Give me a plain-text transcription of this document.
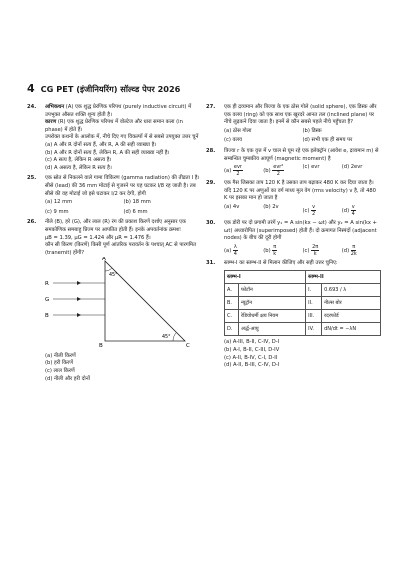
4 CG PET (इंजीनियरिंग) सॉल्व्ड पेपर 2026
24.	अभिकथन (A) एक शुद्ध प्रेरणिक परिपथ (purely inductive circuit) में उपभुक्त औसत शक्ति शून्य होती है।
कारण (R) एक शुद्ध प्रेरणिक परिपथ में वोल्टेज और धारा समान कला (in phase) में होते हैं।
उपरोक्त कथनों के आलोक में, नीचे दिए गए विकल्पों में से सबसे उपयुक्त उत्तर चुनें
(a) A और R दोनों सत्य हैं, और R, A की सही व्याख्या है।
(b) A और R दोनों सत्य हैं, लेकिन R, A की सही व्याख्या नहीं है।
(c) A सत्य है, लेकिन R असत्य है।
(d) A असत्य है, लेकिन R सत्य है।
25.	एक स्रोत से निकलने वाले गामा विकिरण (gamma radiation) की तीव्रता I है। सीसे (lead) की 36 mm मोटाई से गुजरने पर यह घटकर I/8 रह जाती है। तब सीसे की वह मोटाई जो इसे घटाकर I/2 कर देगी, होगी
(a) 12 mm	(b) 18 mm
(c) 9 mm	(d) 6 mm
26.	नीले (B), हरे (G), और लाल (R) रंग की प्रकाश किरणें दर्शाए अनुसार एक समकोणिक समबाहु प्रिज्म पर आपतित होती हैं। इनके अपवर्तनांक क्रमशः
μB = 1.39, μG = 1.424 और μR = 1.476 हैं।
कौन सी किरण (किरणें) किसी पूर्ण आंतरिक परावर्तन के पश्चात् AC से पारगमित (tranemit) होंगी?
A
B	C
R
G
B
45°
45°
(a) नीली किरणें
(b) हरी किरणें
(c) लाल किरणें
(d) नीली और हरी दोनों
27.	एक ही द्रव्यमान और त्रिज्या के एक ठोस गोले (solid sphere), एक डिस्क और एक वलय (ring) को एक साथ एक खुरदरे आनत तल (inclined plane) पर नीचे लुढ़कने दिया जाता है। इनमें से कौन सबसे पहले नीचे पहुँचता है?
(a) ठोस गोला	(b) डिस्क
(c) वलय	(d) सभी एक ही समय पर
28.	त्रिज्या r के एक वृत्त में v चाल से घूम रहे एक इलेक्ट्रॉन (आवेश e, द्रव्यमान m) से सम्बन्धित चुम्बकीय आघूर्ण (magnetic moment) है
$(a) \frac{\text{evr}}{2}$	$(b) \frac{\text{evr²}}{2}$	(c) evr	(d) 2evr
29.	एक गैस जिसका ताप 120 K है उसका ताप बढ़ाकर 480 K कर दिया जाता है। यदि 120 K पर अणुओं का वर्ग माध्य मूल वेग (rms velocity) v है, तो 480 K पर इसका मान हो जाता है
(a) 4v	(b) 2v
$(c) \frac{v}{2}$	$(d) \frac{v}{4}$
30.	एक डोरी पर दो प्रगामी तरंगें y₁ = A sin(kx − ωt) और y₂ = A sin(kx + ωt) अध्यारोपित (superimposed) होती हैं। दो क्रमागत निस्पंदों (adjacent nodes) के बीच की दूरी होगी
$(a) \frac{\lambda}{4}$	$(b) \frac{\pi}{k}$	$(c) \frac{2\pi}{k}$	$(d) \frac{\pi}{2k}$
31.	स्तम्भ-I का स्तम्भ-II से मिलान कीजिए और सही उत्तर चुनिए:
स्तम्भ-I		स्तम्भ-II	
A.	फोटॉन	I.	0.693 / λ
B.	न्यूट्रॉन	II.	नील्स बोर
C.	रेडियोधर्मी क्षय नियम	III.	रदरफोर्ड
D.	अर्द्ध-आयु	IV.	dN/dt = −λN
(a) A-III, B-II, C-IV, D-I
(b) A-I, B-II, C-III, D-IV
(c) A-II, B-IV, C-I, D-II
(d) A-II, B-III, C-IV, D-I
